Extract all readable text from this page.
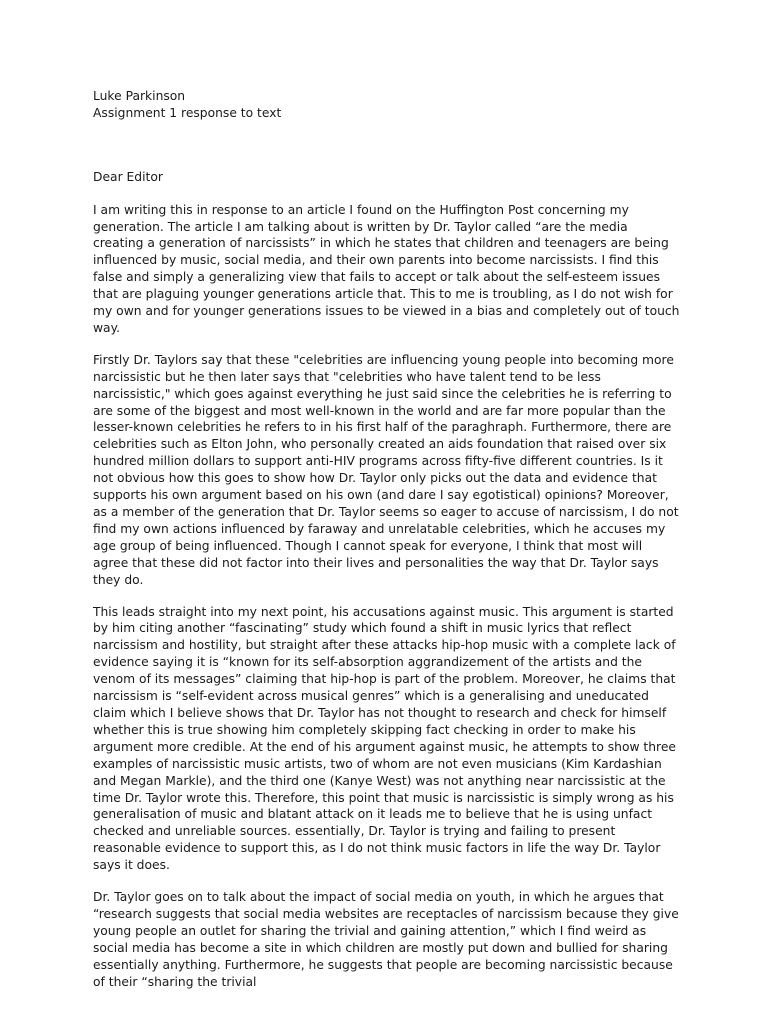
Luke Parkinson

Assignment 1 response to text

Dear Editor

I am writing this in response to an article I found on the Huffington Post concerning my generation. The article I am talking about is written by Dr. Taylor called “are the media creating a generation of narcissists” in which he states that children and teenagers are being influenced by music, social media, and their own parents into become narcissists. I find this false and simply a generalizing view that fails to accept or talk about the self-esteem issues that are plaguing younger generations article that. This to me is troubling, as I do not wish for my own and for younger generations issues to be viewed in a bias and completely out of touch way.

Firstly Dr. Taylors say that these "celebrities are influencing young people into becoming more narcissistic but he then later says that "celebrities who have talent tend to be less narcissistic," which goes against everything he just said since the celebrities he is referring to are some of the biggest and most well-known in the world and are far more popular than the lesser-known celebrities he refers to in his first half of the paraghraph. Furthermore, there are celebrities such as Elton John, who personally created an aids foundation that raised over six hundred million dollars to support anti-HIV programs across fifty-five different countries. Is it not obvious how this goes to show how Dr. Taylor only picks out the data and evidence that supports his own argument based on his own (and dare I say egotistical) opinions? Moreover, as a member of the generation that Dr. Taylor seems so eager to accuse of narcissism, I do not find my own actions influenced by faraway and unrelatable celebrities, which he accuses my age group of being influenced. Though I cannot speak for everyone, I think that most will agree that these did not factor into their lives and personalities the way that Dr. Taylor says they do.

This leads straight into my next point, his accusations against music. This argument is started by him citing another “fascinating” study which found a shift in music lyrics that reflect narcissism and hostility, but straight after these attacks hip-hop music with a complete lack of evidence saying it is “known for its self-absorption aggrandizement of the artists and the venom of its messages” claiming that hip-hop is part of the problem. Moreover, he claims that narcissism is “self-evident across musical genres” which is a generalising and uneducated claim which I believe shows that Dr. Taylor has not thought to research and check for himself whether this is true showing him completely skipping fact checking in order to make his argument more credible. At the end of his argument against music, he attempts to show three examples of narcissistic music artists, two of whom are not even musicians (Kim Kardashian and Megan Markle), and the third one (Kanye West) was not anything near narcissistic at the time Dr. Taylor wrote this. Therefore, this point that music is narcissistic is simply wrong as his generalisation of music and blatant attack on it leads me to believe that he is using unfact checked and unreliable sources. essentially, Dr. Taylor is trying and failing to present reasonable evidence to support this, as I do not think music factors in life the way Dr. Taylor says it does.

Dr. Taylor goes on to talk about the impact of social media on youth, in which he argues that “research suggests that social media websites are receptacles of narcissism because they give young people an outlet for sharing the trivial and gaining attention,” which I find weird as social media has become a site in which children are mostly put down and bullied for sharing essentially anything. Furthermore, he suggests that people are becoming narcissistic because of their “sharing the trivial
